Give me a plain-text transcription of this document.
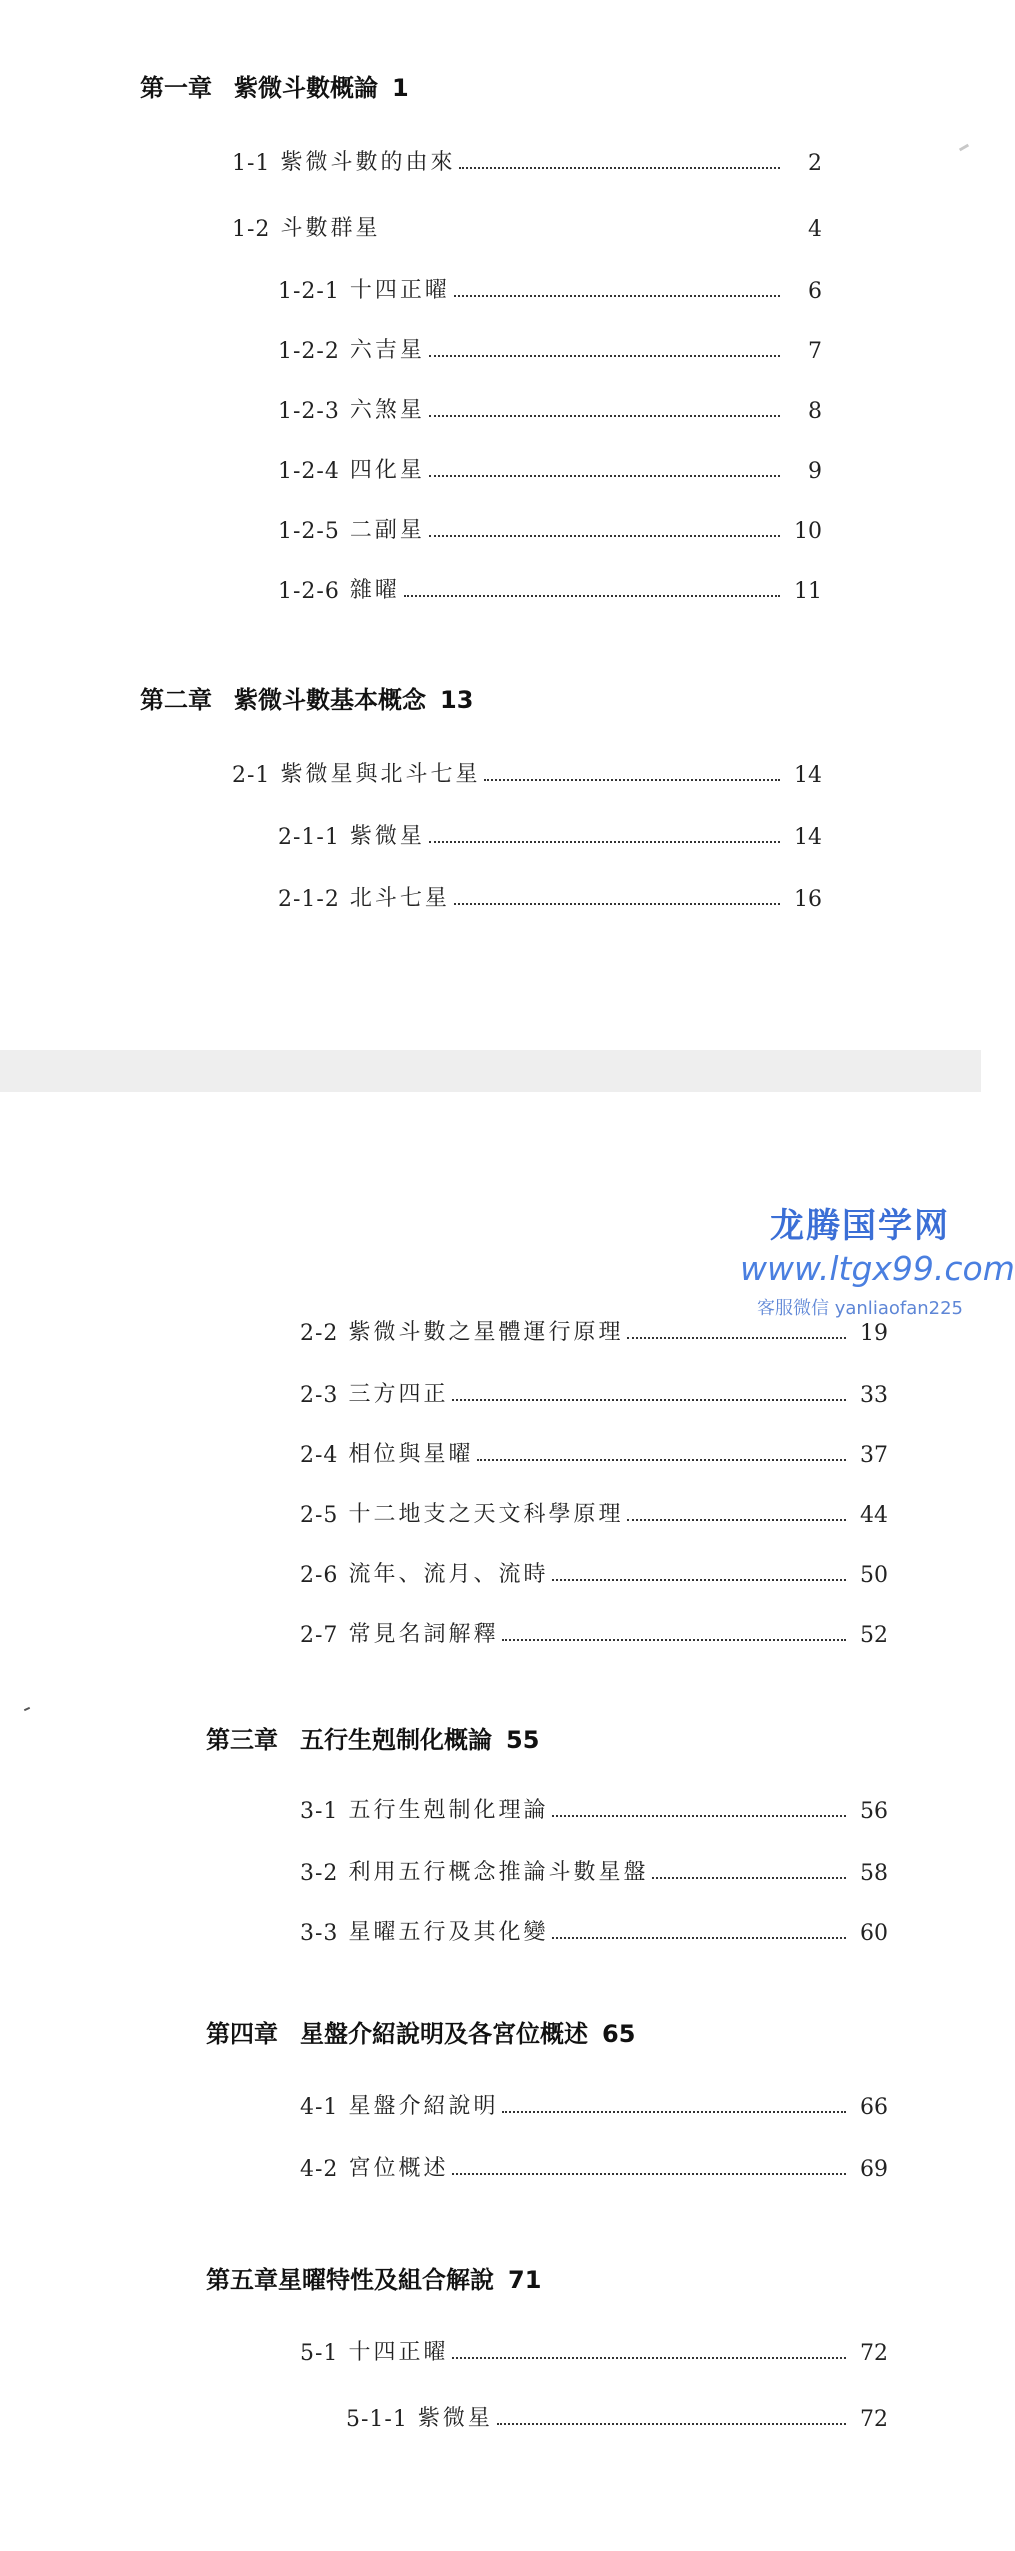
第一章 紫微斗數概論 1
1-1 紫微斗數的由來	2
1-2 斗數群星	4
1-2-1 十四正曜	6
1-2-2 六吉星	7
1-2-3 六煞星	8
1-2-4 四化星	9
1-2-5 二副星	10
1-2-6 雜曜	11
第二章 紫微斗數基本概念 13
2-1 紫微星與北斗七星	14
2-1-1 紫微星	14
2-1-2 北斗七星	16
龙腾国学网
www.ltgx99.com
客服微信 yanliaofan225
2-2 紫微斗數之星體運行原理	19
2-3 三方四正	33
2-4 相位與星曜	37
2-5 十二地支之天文科學原理	44
2-6 流年、流月、流時	50
2-7 常見名詞解釋	52
第三章 五行生剋制化概論 55
3-1 五行生剋制化理論	56
3-2 利用五行概念推論斗數星盤	58
3-3 星曜五行及其化變	60
第四章 星盤介紹說明及各宮位概述 65
4-1 星盤介紹說明	66
4-2 宮位概述	69
第五章星曜特性及組合解說 71
5-1 十四正曜	72
5-1-1 紫微星	72
